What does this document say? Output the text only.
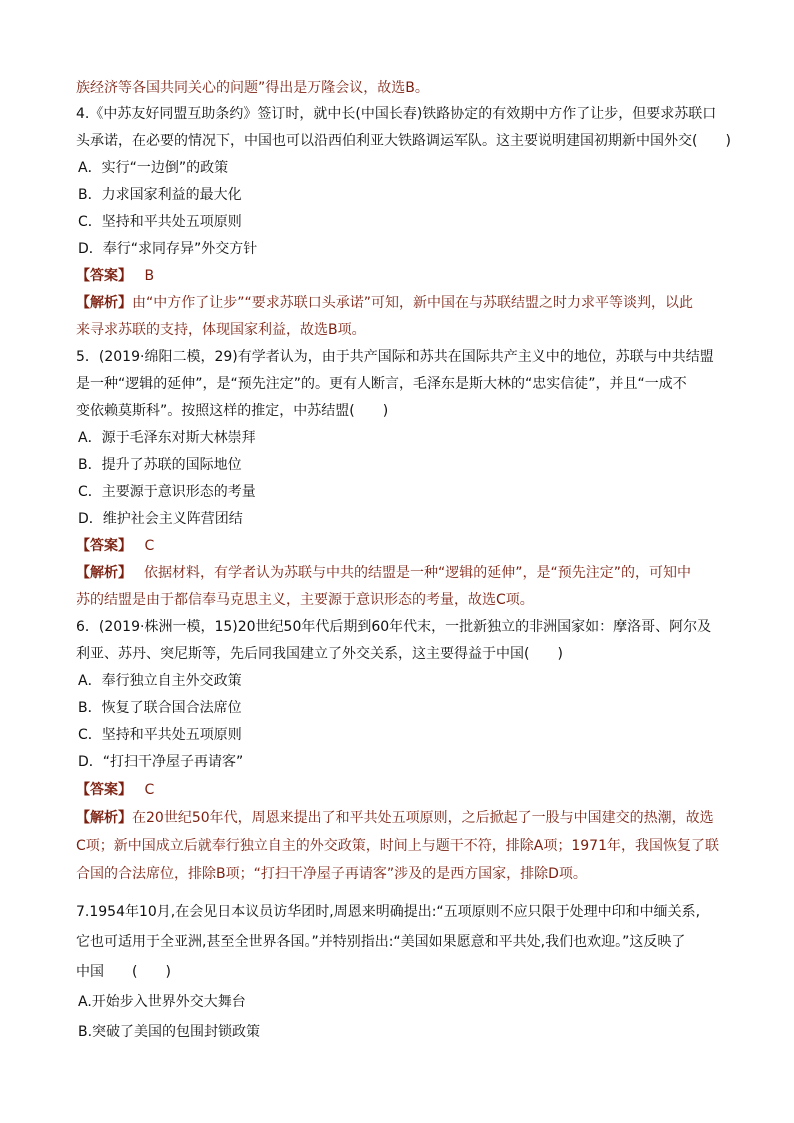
族经济等各国共同关心的问题”得出是万隆会议，故选B。
4.《中苏友好同盟互助条约》签订时，就中长(中国长春)铁路协定的有效期中方作了让步，但要求苏联口
头承诺，在必要的情况下，中国也可以沿西伯利亚大铁路调运军队。这主要说明建国初期新中国外交(　　)
A．实行“一边倒”的政策
B．力求国家利益的最大化
C．坚持和平共处五项原则
D．奉行“求同存异”外交方针
【答案】 B
【解析】由“中方作了让步”“要求苏联口头承诺”可知，新中国在与苏联结盟之时力求平等谈判，以此
来寻求苏联的支持，体现国家利益，故选B项。
5．(2019·绵阳二模，29)有学者认为，由于共产国际和苏共在国际共产主义中的地位，苏联与中共结盟
是一种“逻辑的延伸”，是“预先注定”的。更有人断言，毛泽东是斯大林的“忠实信徒”，并且“一成不
变依赖莫斯科”。按照这样的推定，中苏结盟(　　)
A．源于毛泽东对斯大林崇拜
B．提升了苏联的国际地位
C．主要源于意识形态的考量
D．维护社会主义阵营团结
【答案】 C
【解析】 依据材料，有学者认为苏联与中共的结盟是一种“逻辑的延伸”，是“预先注定”的，可知中
苏的结盟是由于都信奉马克思主义，主要源于意识形态的考量，故选C项。
6．(2019·株洲一模，15)20世纪50年代后期到60年代末，一批新独立的非洲国家如：摩洛哥、阿尔及
利亚、苏丹、突尼斯等，先后同我国建立了外交关系，这主要得益于中国(　　)
A．奉行独立自主外交政策
B．恢复了联合国合法席位
C．坚持和平共处五项原则
D．“打扫干净屋子再请客”
【答案】 C
【解析】在20世纪50年代，周恩来提出了和平共处五项原则，之后掀起了一股与中国建交的热潮，故选
C项；新中国成立后就奉行独立自主的外交政策，时间上与题干不符，排除A项；1971年，我国恢复了联
合国的合法席位，排除B项；“打扫干净屋子再请客”涉及的是西方国家，排除D项。
7.1954年10月,在会见日本议员访华团时,周恩来明确提出:“五项原则不应只限于处理中印和中缅关系,
它也可适用于全亚洲,甚至全世界各国。”并特别指出:“美国如果愿意和平共处,我们也欢迎。”这反映了
中国　　(　　)
A.开始步入世界外交大舞台
B.突破了美国的包围封锁政策
